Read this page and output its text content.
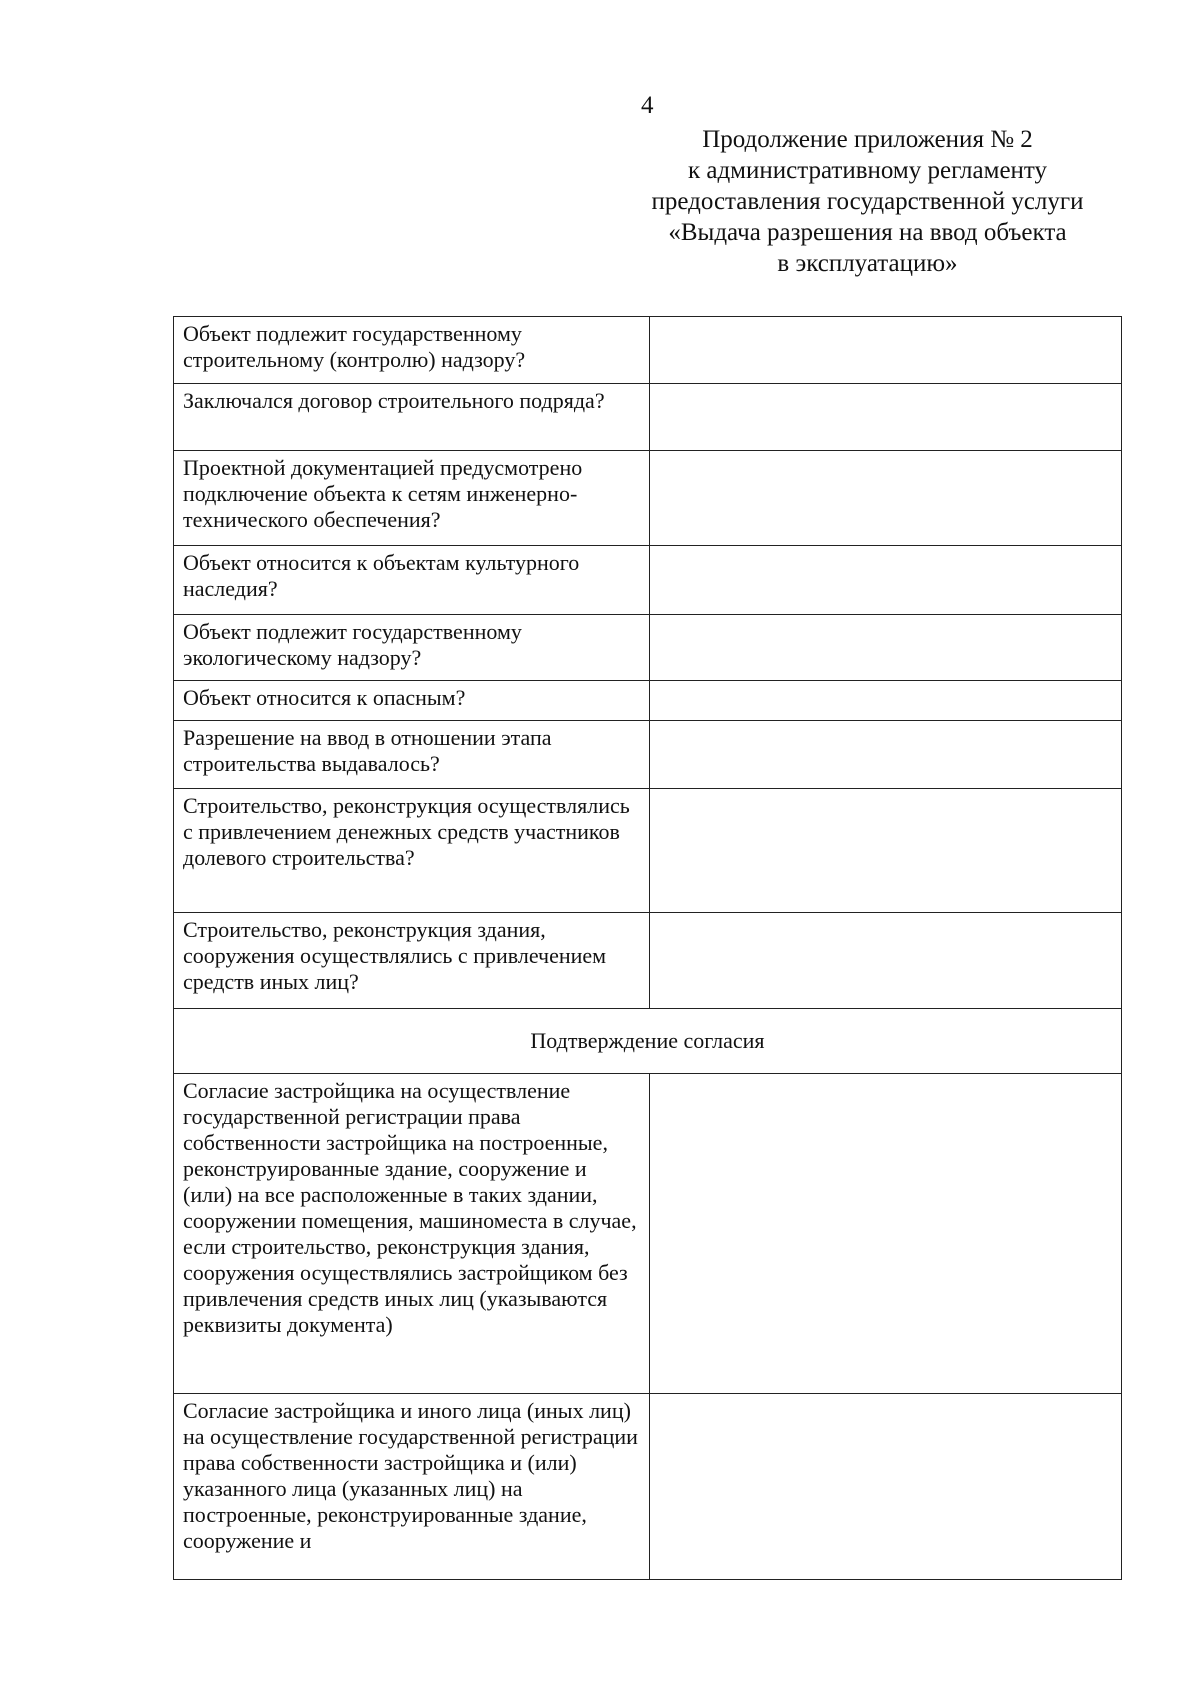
4
Продолжение приложения № 2
к административному регламенту
предоставления государственной услуги
«Выдача разрешения на ввод объекта
в эксплуатацию»
Объект подлежит государственному строительному (контролю) надзору?	
Заключался договор строительного подряда?	
Проектной документацией предусмотрено подключение объекта к сетям инженерно-технического обеспечения?	
Объект относится к объектам культурного наследия?	
Объект подлежит государственному экологическому надзору?	
Объект относится к опасным?	
Разрешение на ввод в отношении этапа строительства выдавалось?	
Строительство, реконструкция осуществлялись с привлечением денежных средств участников долевого строительства?	
Строительство, реконструкция здания, сооружения осуществлялись с привлечением средств иных лиц?	
Подтверждение согласия	
Согласие застройщика на осуществление государственной регистрации права собственности застройщика на построенные, реконструированные здание, сооружение и (или) на все расположенные в таких здании, сооружении помещения, машиноместа в случае, если строительство, реконструкция здания, сооружения осуществлялись застройщиком без привлечения средств иных лиц (указываются реквизиты документа)	
Согласие застройщика и иного лица (иных лиц) на осуществление государственной регистрации права собственности застройщика и (или) указанного лица (указанных лиц) на построенные, реконструированные здание, сооружение и	
